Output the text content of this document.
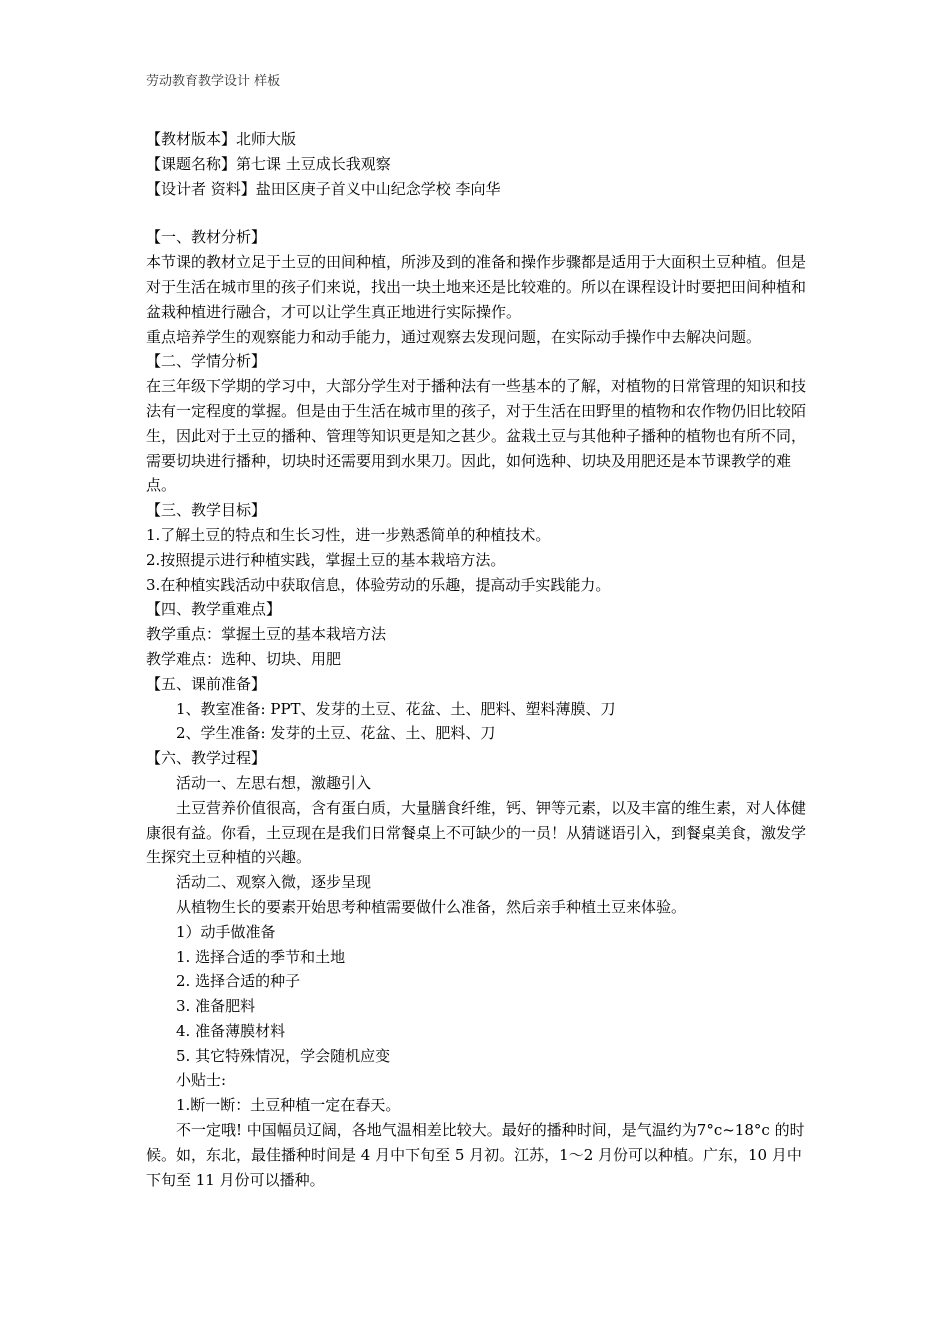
劳动教育教学设计 样板

【教材版本】北师大版

【课题名称】第七课 土豆成长我观察

【设计者 资料】盐田区庚子首义中山纪念学校 李向华

【一、教材分析】

本节课的教材立足于土豆的田间种植，所涉及到的准备和操作步骤都是适用于大面积土豆种植。但是对于生活在城市里的孩子们来说，找出一块土地来还是比较难的。所以在课程设计时要把田间种植和盆栽种植进行融合，才可以让学生真正地进行实际操作。

重点培养学生的观察能力和动手能力，通过观察去发现问题，在实际动手操作中去解决问题。

【二、学情分析】

在三年级下学期的学习中，大部分学生对于播种法有一些基本的了解，对植物的日常管理的知识和技法有一定程度的掌握。但是由于生活在城市里的孩子，对于生活在田野里的植物和农作物仍旧比较陌生，因此对于土豆的播种、管理等知识更是知之甚少。盆栽土豆与其他种子播种的植物也有所不同，需要切块进行播种，切块时还需要用到水果刀。因此，如何选种、切块及用肥还是本节课教学的难点。

【三、教学目标】

1.了解土豆的特点和生长习性，进一步熟悉简单的种植技术。

2.按照提示进行种植实践，掌握土豆的基本栽培方法。

3.在种植实践活动中获取信息，体验劳动的乐趣，提高动手实践能力。

【四、教学重难点】

教学重点：掌握土豆的基本栽培方法

教学难点：选种、切块、用肥

【五、课前准备】

1、教室准备: PPT、发芽的土豆、花盆、土、肥料、塑料薄膜、刀

2、学生准备: 发芽的土豆、花盆、土、肥料、刀

【六、教学过程】

活动一、左思右想，激趣引入

土豆营养价值很高，含有蛋白质，大量膳食纤维，钙、钾等元素，以及丰富的维生素，对人体健康很有益。你看，土豆现在是我们日常餐桌上不可缺少的一员！从猜谜语引入，到餐桌美食，激发学生探究土豆种植的兴趣。

活动二、观察入微，逐步呈现

从植物生长的要素开始思考种植需要做什么准备，然后亲手种植土豆来体验。

1）动手做准备

1. 选择合适的季节和土地

2. 选择合适的种子

3. 准备肥料

4. 准备薄膜材料

5. 其它特殊情况，学会随机应变

小贴士:

1.断一断：土豆种植一定在春天。

不一定哦! 中国幅员辽阔，各地气温相差比较大。最好的播种时间，是气温约为7°c~18°c 的时候。如，东北，最佳播种时间是 4 月中下旬至 5 月初。江苏，1～2 月份可以种植。广东，10 月中下旬至 11 月份可以播种。
